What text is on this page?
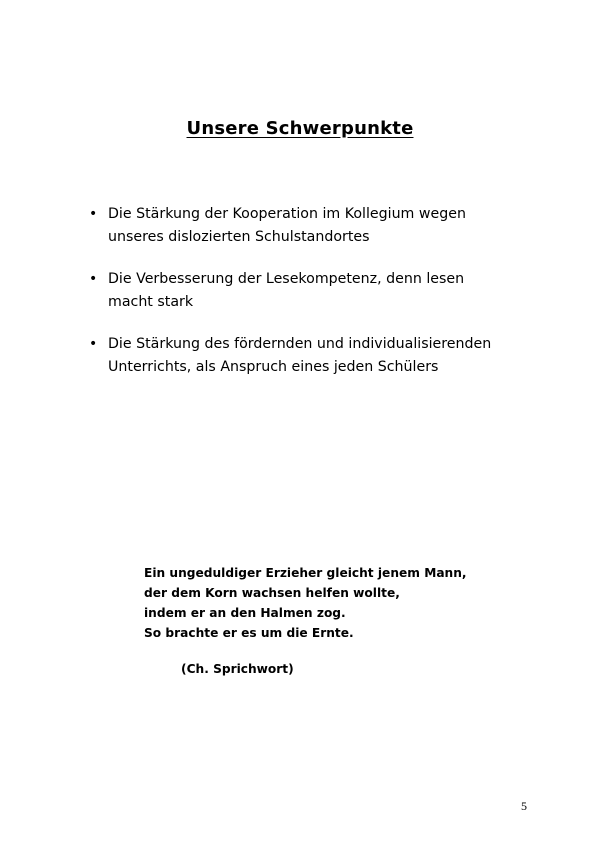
Unsere Schwerpunkte
• Die Stärkung der Kooperation im Kollegium wegen
unseres dislozierten Schulstandortes
• Die Verbesserung der Lesekompetenz, denn lesen
macht stark
• Die Stärkung des fördernden und individualisierenden
Unterrichts, als Anspruch eines jeden Schülers
Ein ungeduldiger Erzieher gleicht jenem Mann,
der dem Korn wachsen helfen wollte,
indem er an den Halmen zog.
So brachte er es um die Ernte.
(Ch. Sprichwort)
5
